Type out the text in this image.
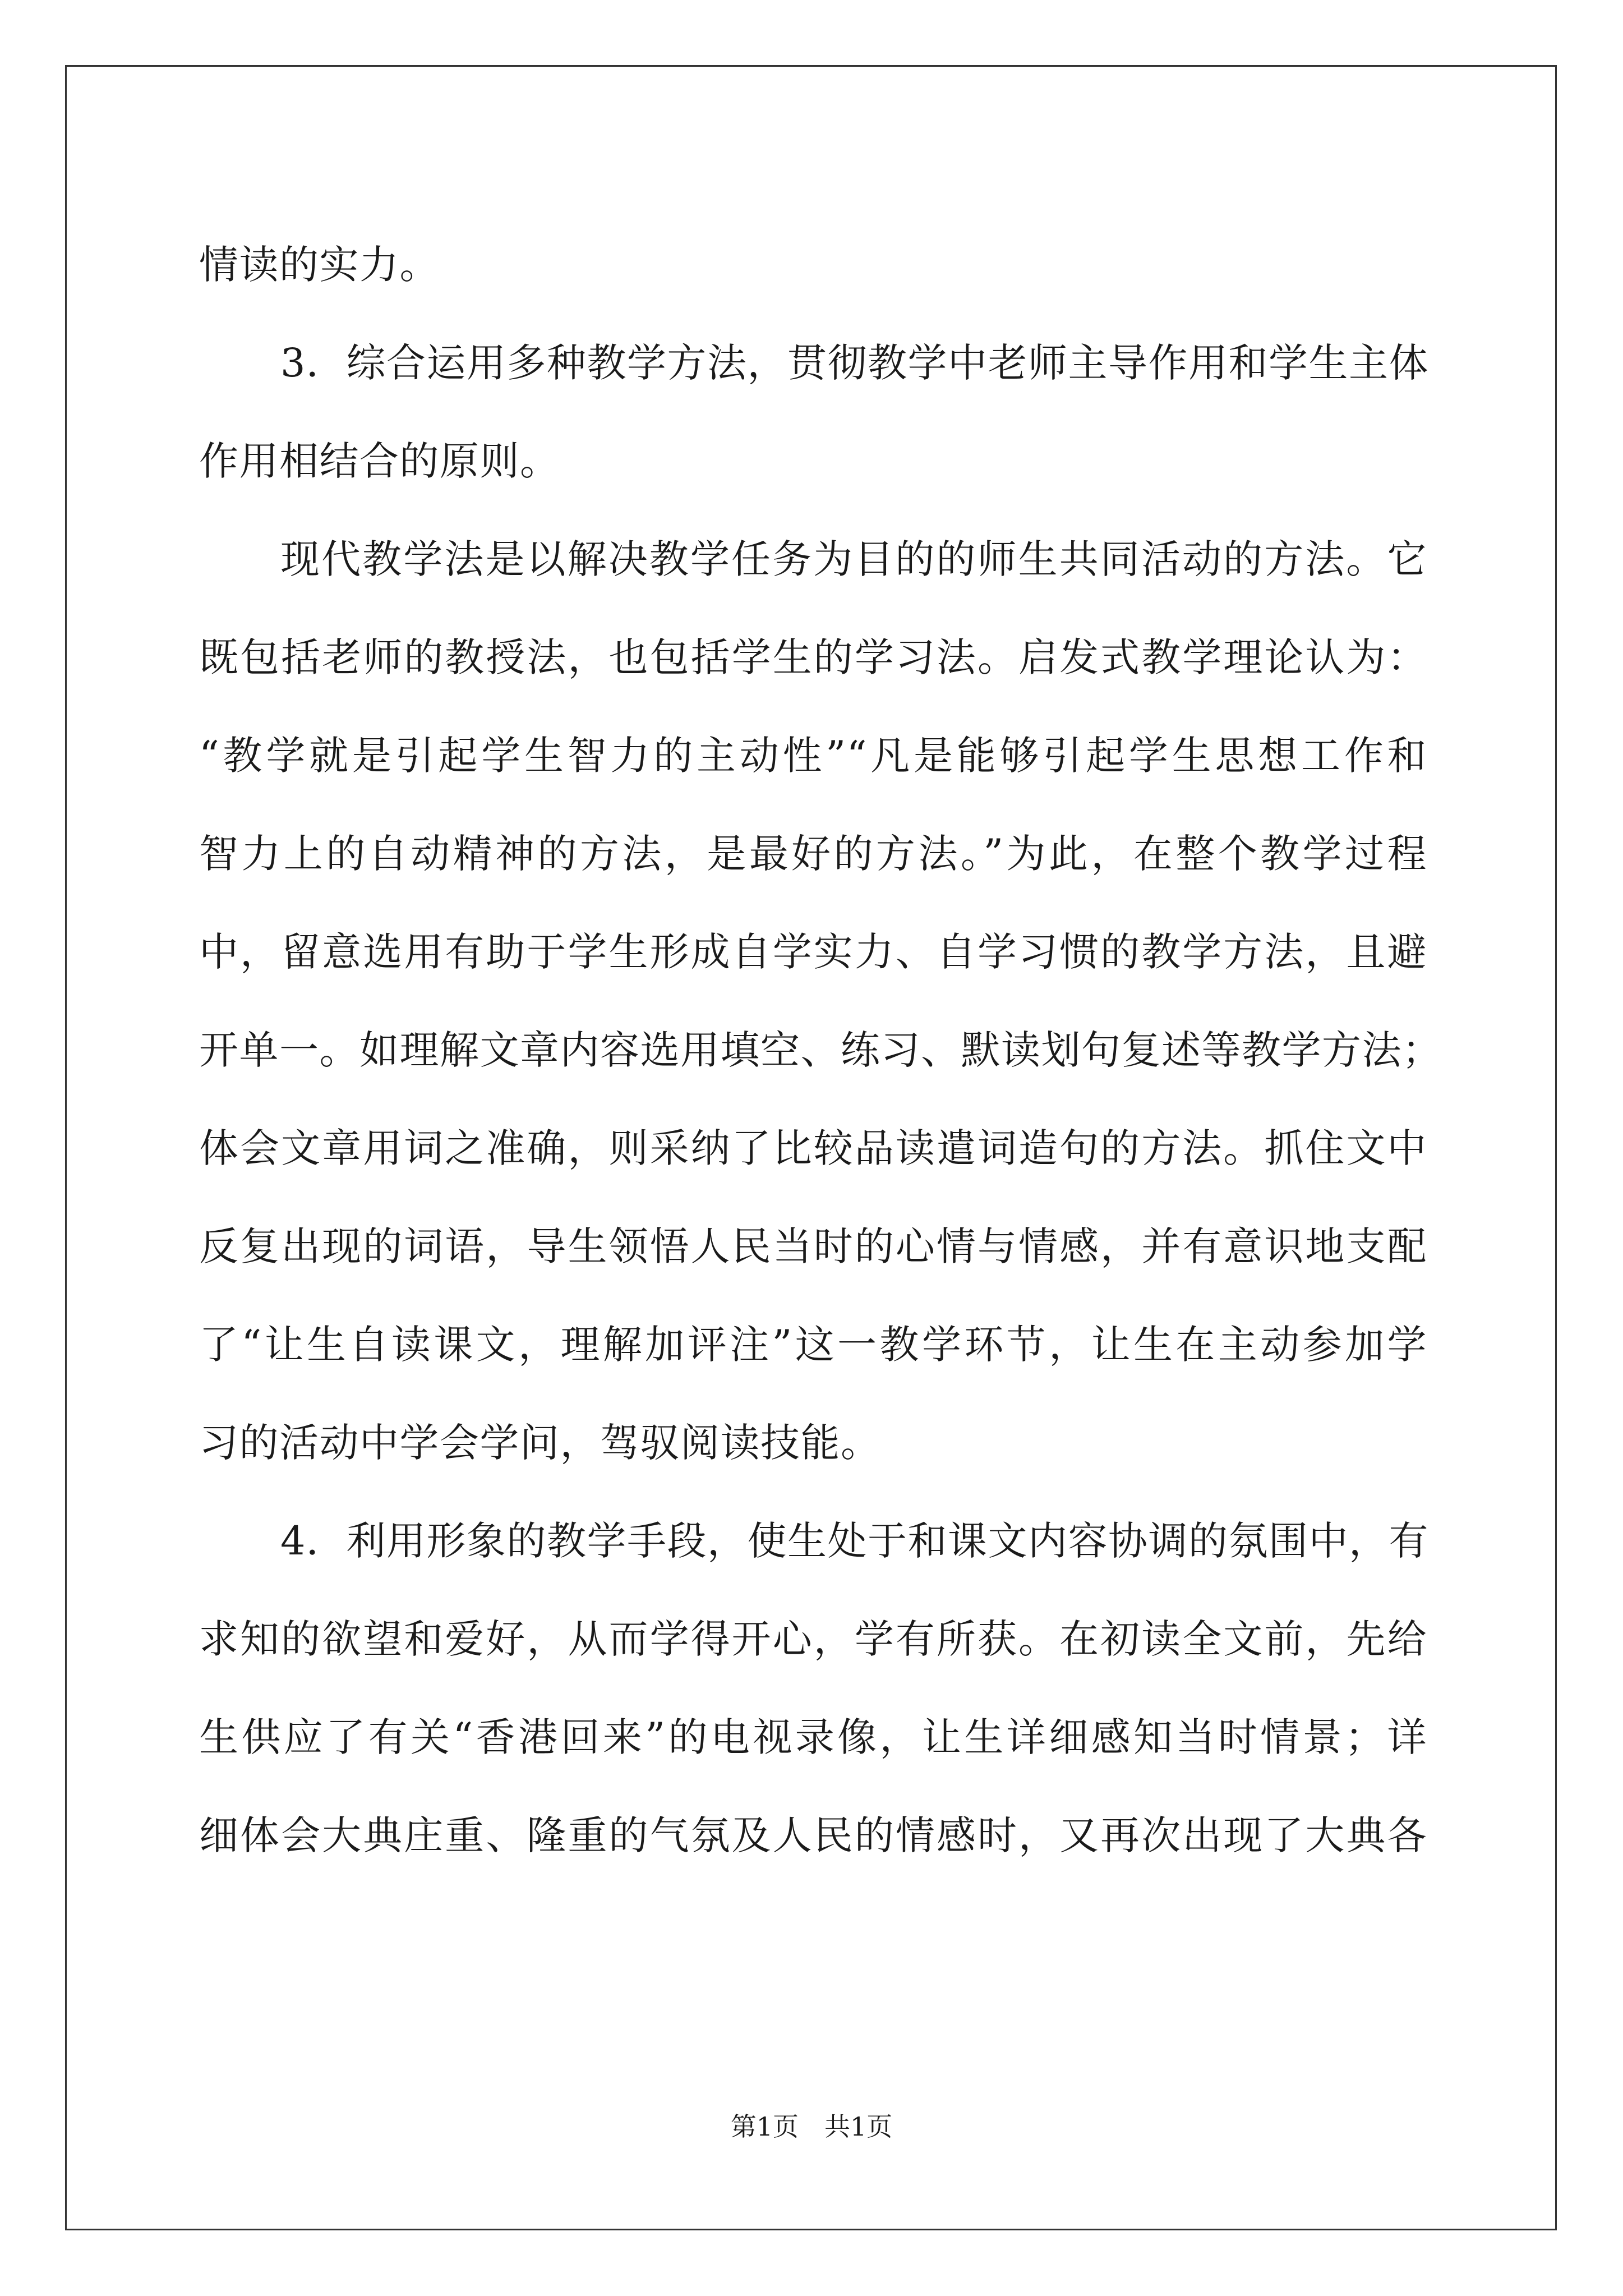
情读的实力。
3．综合运用多种教学方法，贯彻教学中老师主导作用和学生主体
作用相结合的原则。
现代教学法是以解决教学任务为目的的师生共同活动的方法。它
既包括老师的教授法，也包括学生的学习法。启发式教学理论认为：
“教学就是引起学生智力的主动性”“凡是能够引起学生思想工作和
智力上的自动精神的方法，是最好的方法。”为此，在整个教学过程
中，留意选用有助于学生形成自学实力、自学习惯的教学方法，且避
开单一。如理解文章内容选用填空、练习、默读划句复述等教学方法；
体会文章用词之准确，则采纳了比较品读遣词造句的方法。抓住文中
反复出现的词语，导生领悟人民当时的心情与情感，并有意识地支配
了“让生自读课文，理解加评注”这一教学环节，让生在主动参加学
习的活动中学会学问，驾驭阅读技能。
4．利用形象的教学手段，使生处于和课文内容协调的氛围中，有
求知的欲望和爱好，从而学得开心，学有所获。在初读全文前，先给
生供应了有关“香港回来”的电视录像，让生详细感知当时情景；详
细体会大典庄重、隆重的气氛及人民的情感时，又再次出现了大典各
第1页 共1页
